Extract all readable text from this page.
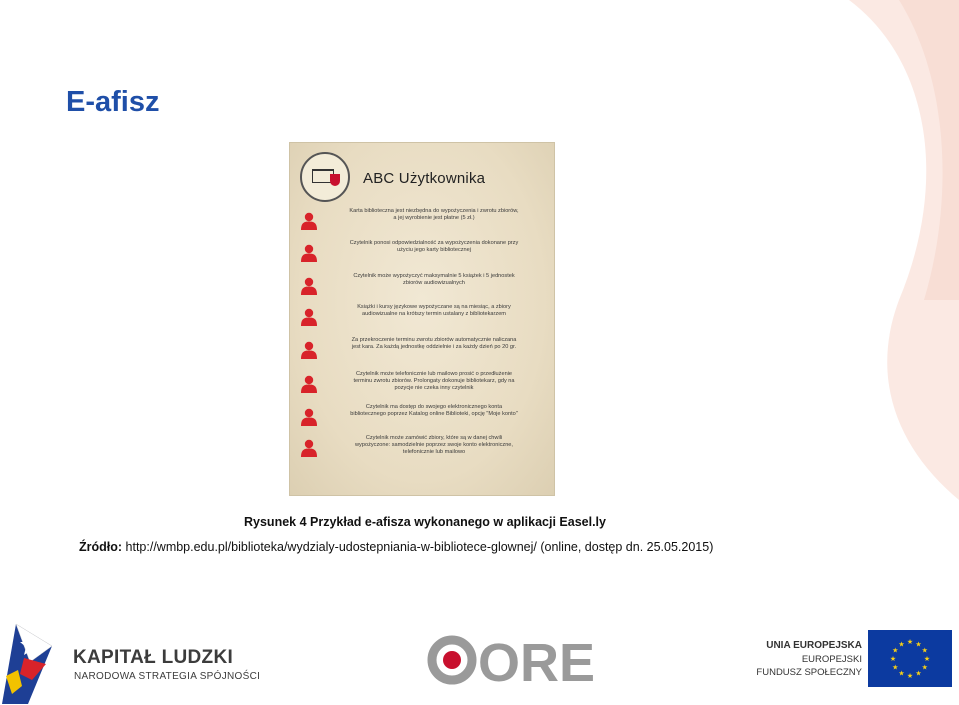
E-afisz
ABC Użytkownika
Karta biblioteczna jest niezbędna do wypożyczenia i zwrotu zbiorów,
a jej wyrobienie jest płatne (5 zł.)
Czytelnik ponosi odpowiedzialność za wypożyczenia dokonane przy
użyciu jego karty bibliotecznej
Czytelnik może wypożyczyć maksymalnie 5 książek i 5 jednostek
zbiorów audiowizualnych
Książki i kursy językowe wypożyczane są na miesiąc, a zbiory
audiowizualne na krótszy termin ustalany z bibliotekarzem
Za przekroczenie terminu zwrotu zbiorów automatycznie naliczana
jest kara. Za każdą jednostkę oddzielnie i za każdy dzień po 20 gr.
Czytelnik może telefonicznie lub mailowo prosić o przedłużenie
terminu zwrotu zbiorów. Prolongaty dokonuje bibliotekarz, gdy na
pozycje nie czeka inny czytelnik
Czytelnik ma dostęp do swojego elektronicznego konta
bibliotecznego poprzez Katalog online Biblioteki, opcję "Moje konto"
Czytelnik może zamówić zbiory, które są w danej chwili
wypożyczone: samodzielnie poprzez swoje konto elektroniczne,
telefonicznie lub mailowo
Rysunek 4 Przykład e-afisza wykonanego w aplikacji Easel.ly
Źródło: http://wmbp.edu.pl/biblioteka/wydzialy-udostepniania-w-bibliotece-glownej/ (online, dostęp dn. 25.05.2015)
KAPITAŁ LUDZKI
NARODOWA STRATEGIA SPÓJNOŚCI	ORE	UNIA EUROPEJSKA
EUROPEJSKI
FUNDUSZ SPOŁECZNY
★
★
★
★
★
★
★
★
★ ★ ★
★
